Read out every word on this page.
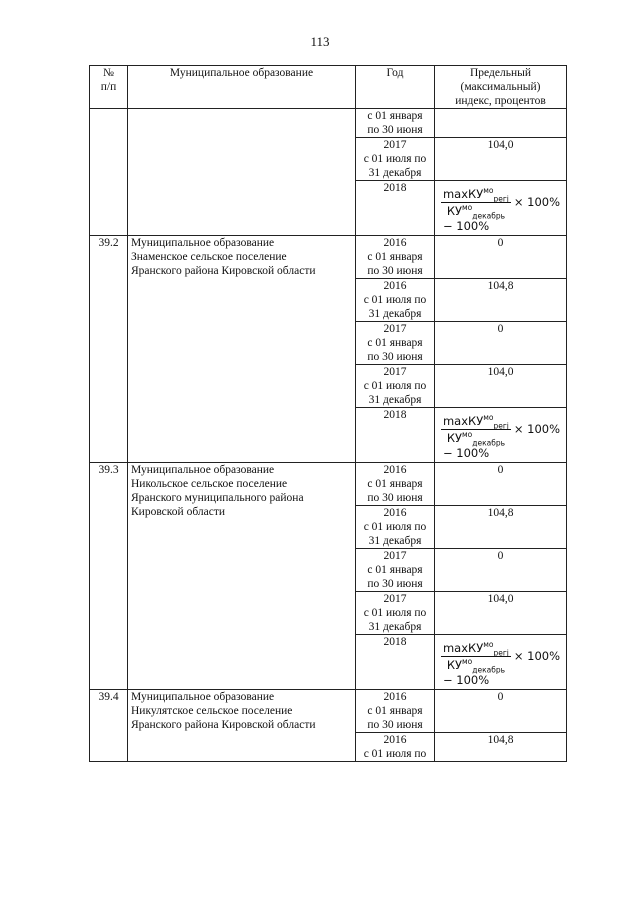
113
№
п/п	Муниципальное образование	Год	Предельный
(максимальный)
индекс, процентов
		с 01 января
по 30 июня	
		2017
с 01 июля по
31 декабря	104,0
		2018	$\frac{\max КУ^{мо}_{регj}}{КУ^{мо}_{декабрь}} \times 100\%$
− 100%

39.2	Муниципальное образование
Знаменское сельское поселение
Яранского района Кировской области	2016
с 01 января
по 30 июня	0
		2016
с 01 июля по
31 декабря	104,8
		2017
с 01 января
по 30 июня	0
		2017
с 01 июля по
31 декабря	104,0
		2018	$\frac{\max КУ^{мо}_{регj}}{КУ^{мо}_{декабрь}} \times 100\%$
− 100%

39.3	Муниципальное образование
Никольское сельское поселение
Яранского муниципального района
Кировской области	2016
с 01 января
по 30 июня	0
		2016
с 01 июля по
31 декабря	104,8
		2017
с 01 января
по 30 июня	0
		2017
с 01 июля по
31 декабря	104,0
		2018	$\frac{\max КУ^{мо}_{регj}}{КУ^{мо}_{декабрь}} \times 100\%$
− 100%

39.4	Муниципальное образование
Никулятское сельское поселение
Яранского района Кировской области	2016
с 01 января
по 30 июня	0
		2016
с 01 июля по	104,8
